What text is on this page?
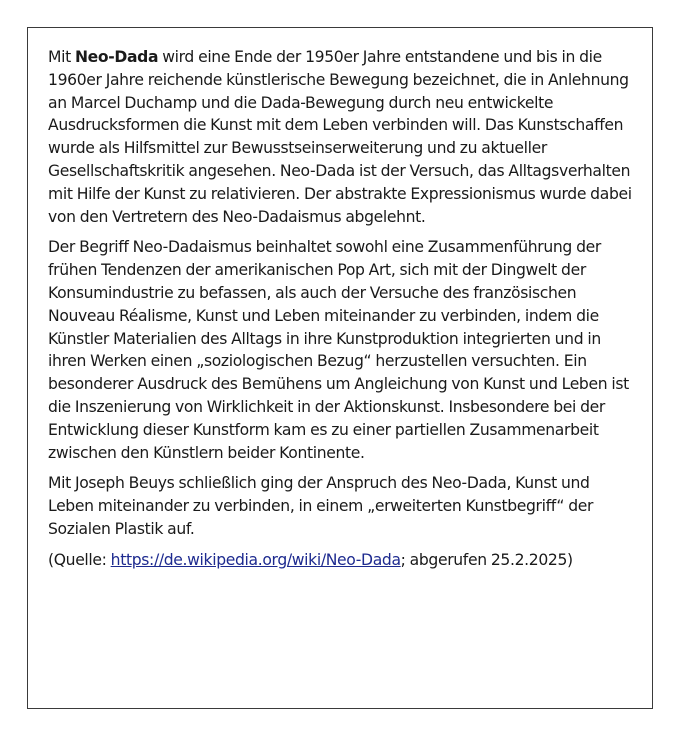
Mit Neo-Dada wird eine Ende der 1950er Jahre entstandene und bis in die 1960er Jahre reichende künstlerische Bewegung bezeichnet, die in Anlehnung an Marcel Duchamp und die Dada-Bewegung durch neu entwickelte Ausdrucksformen die Kunst mit dem Leben verbinden will. Das Kunstschaffen wurde als Hilfsmittel zur Bewusstseinserweiterung und zu aktueller Gesellschaftskritik angesehen. Neo-Dada ist der Versuch, das Alltagsverhalten mit Hilfe der Kunst zu relativieren. Der abstrakte Expressionismus wurde dabei von den Vertretern des Neo-Dadaismus abgelehnt.

Der Begriff Neo-Dadaismus beinhaltet sowohl eine Zusammenführung der frühen Tendenzen der amerikanischen Pop Art, sich mit der Dingwelt der Konsumindustrie zu befassen, als auch der Versuche des französischen Nouveau Réalisme, Kunst und Leben miteinander zu verbinden, indem die Künstler Materialien des Alltags in ihre Kunstproduktion integrierten und in ihren Werken einen „soziologischen Bezug“ herzustellen versuchten. Ein besonderer Ausdruck des Bemühens um Angleichung von Kunst und Leben ist die Inszenierung von Wirklichkeit in der Aktionskunst. Insbesondere bei der Entwicklung dieser Kunstform kam es zu einer partiellen Zusammenarbeit zwischen den Künstlern beider Kontinente.

Mit Joseph Beuys schließlich ging der Anspruch des Neo-Dada, Kunst und Leben miteinander zu verbinden, in einem „erweiterten Kunstbegriff“ der Sozialen Plastik auf.

(Quelle: https://de.wikipedia.org/wiki/Neo-Dada; abgerufen 25.2.2025)
